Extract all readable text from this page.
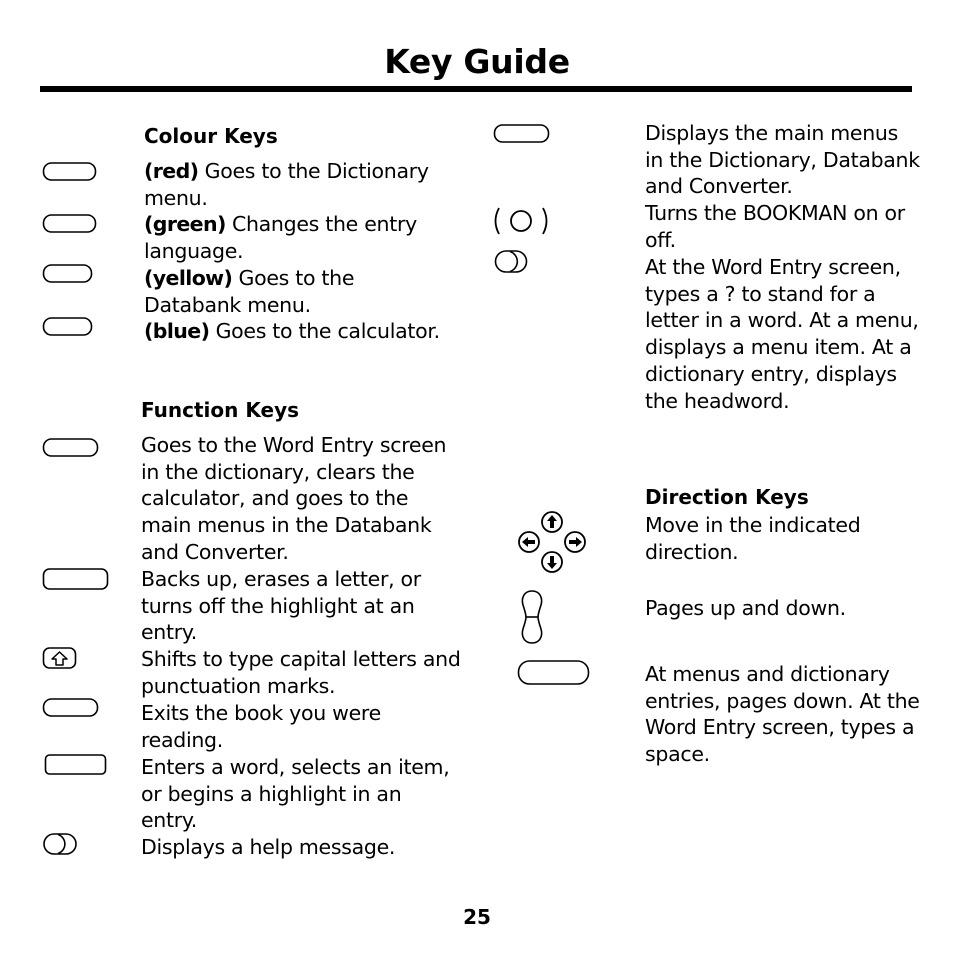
Key Guide
Colour Keys
(red) Goes to the Dictionary menu.
(green) Changes the entry language.
(yellow) Goes to the Databank menu.
(blue) Goes to the calculator.
Function Keys
Goes to the Word Entry screen in the dictionary, clears the calculator, and goes to the main menus in the Databank and Converter.
Backs up, erases a letter, or turns off the highlight at an entry.
Shifts to type capital letters and punctuation marks.
Exits the book you were reading.
Enters a word, selects an item, or begins a highlight in an entry.
Displays a help message.
Displays the main menus in the Dictionary, Databank and Converter.
Turns the BOOKMAN on or off.
At the Word Entry screen, types a ? to stand for a letter in a word. At a menu, displays a menu item. At a dictionary entry, displays the headword.
Direction Keys
Move in the indicated direction.
Pages up and down.
At menus and dictionary entries, pages down. At the Word Entry screen, types a space.
25
